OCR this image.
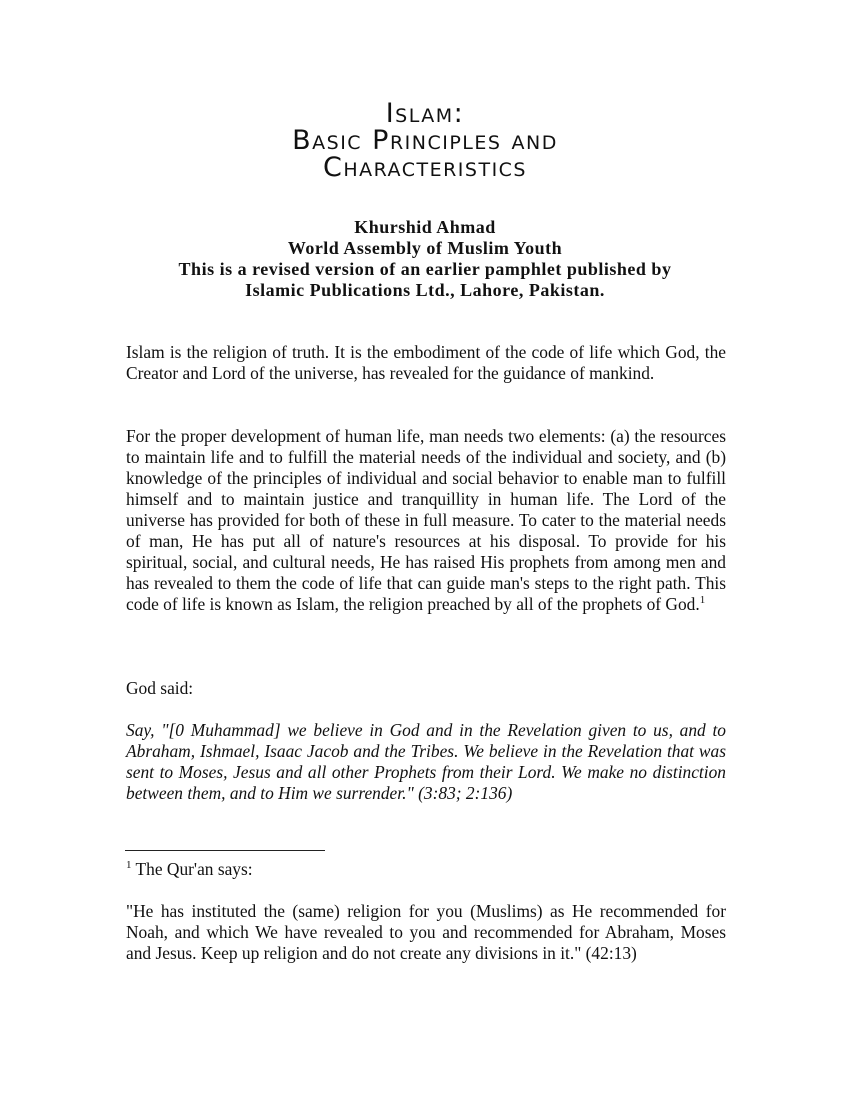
Islam:
Basic Principles and
Characteristics
Khurshid Ahmad
World Assembly of Muslim Youth
This is a revised version of an earlier pamphlet published by
Islamic Publications Ltd., Lahore, Pakistan.

Islam is the religion of truth. It is the embodiment of the code of life which God, the Creator and Lord of the universe, has revealed for the guidance of mankind.

For the proper development of human life, man needs two elements: (a) the resources to maintain life and to fulfill the material needs of the individual and society, and (b) knowledge of the principles of individual and social behavior to enable man to fulfill himself and to maintain justice and tranquillity in human life. The Lord of the universe has provided for both of these in full measure. To cater to the material needs of man, He has put all of nature's resources at his disposal. To provide for his spiritual, social, and cultural needs, He has raised His prophets from among men and has revealed to them the code of life that can guide man's steps to the right path. This code of life is known as Islam, the religion preached by all of the prophets of God.$^1$

God said:

Say, "[0 Muhammad] we believe in God and in the Revelation given to us, and to Abraham, Ishmael, Isaac Jacob and the Tribes. We believe in the Revelation that was sent to Moses, Jesus and all other Prophets from their Lord. We make no distinction between them, and to Him we surrender." (3:83; 2:136)

$^1$ The Qur'an says:

"He has instituted the (same) religion for you (Muslims) as He recommended for Noah, and which We have revealed to you and recommended for Abraham, Moses and Jesus. Keep up religion and do not create any divisions in it." (42:13)
